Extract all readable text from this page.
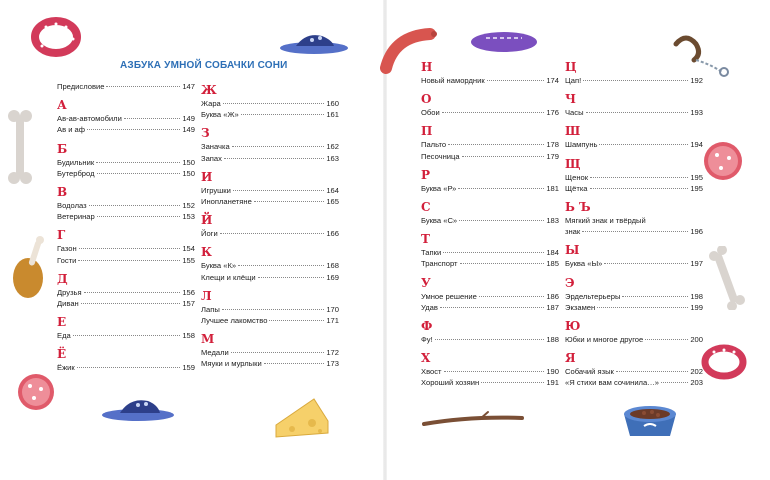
АЗБУКА УМНОЙ СОБАЧКИ СОНИ
Предисловие	147
А
Ав-ав-автомобили	149
Ав и аф	149
Б
Будильник	150
Бутерброд	150
В
Водолаз	152
Ветеринар	153
Г
Газон	154
Гости	155
Д
Друзья	156
Диван	157
Е
Еда	158
Ё
Ёжик	159
Ж
Жара	160
Буква «Ж»	161
З
Заначка	162
Запах	163
И
Игрушки	164
Инопланетяне	165
Й
Йоги	166
К
Буква «К»	168
Клещи и клёщи	169
Л
Лапы	170
Лучшее лакомство	171
М
Медали	172
Мяуки и мурлыки	173
Н
Новый намордник	174
О
Обои	176
П
Пальто	178
Песочница	179
Р
Буква «Р»	181
С
Буква «С»	183
Т
Тапки	184
Транспорт	185
У
Умное решение	186
Удав	187
Ф
Фу!	188
Х
Хвост	190
Хороший хозяин	191
Ц
Цап!	192
Ч
Часы	193
Ш
Шампунь	194
Щ
Щенок	195
Щётка	195
Ь Ъ
Мягкий знак и твёрдый
знак	196
Ы
Буква «Ы»	197
Э
Эрдельтерьеры	198
Экзамен	199
Ю
Юбки и многое другое	200
Я
Собачий язык	202
«Я стихи вам сочинила…»	203
